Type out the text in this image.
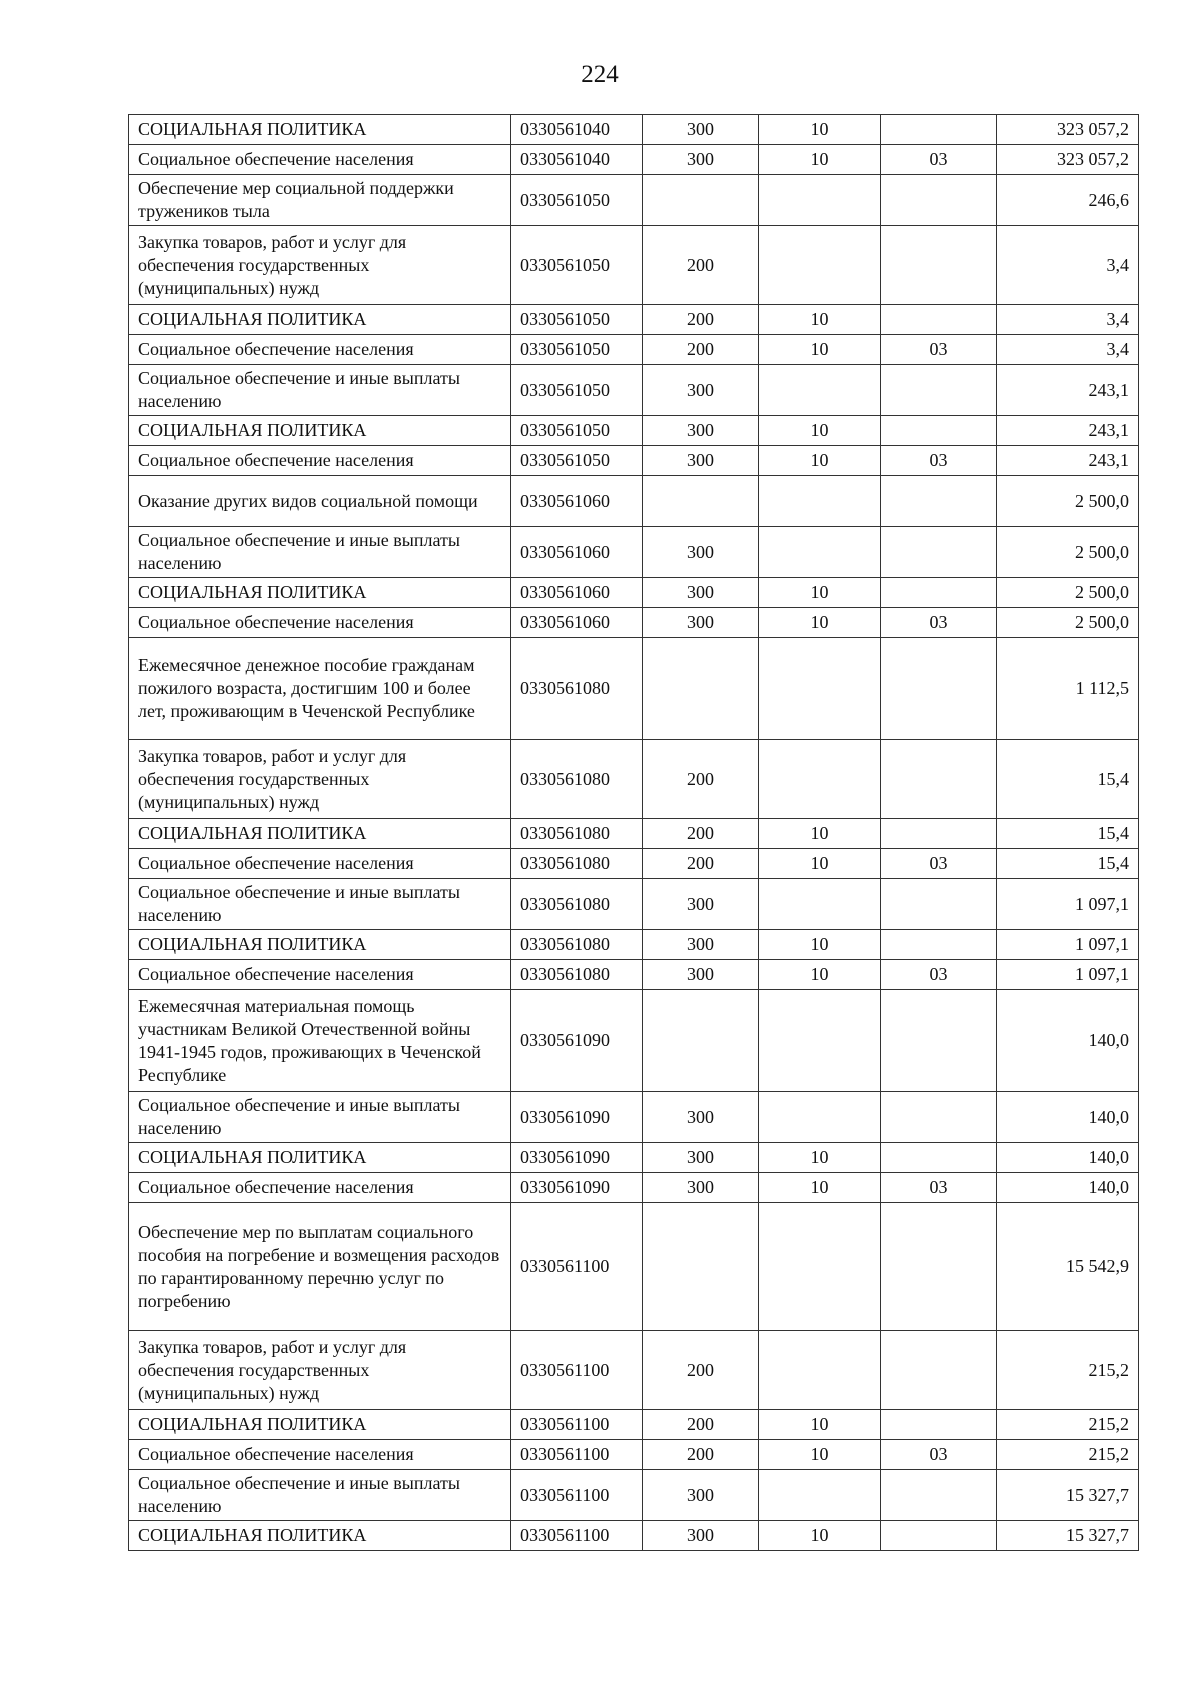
224
СОЦИАЛЬНАЯ ПОЛИТИКА	0330561040	300	10		323 057,2
Социальное обеспечение населения	0330561040	300	10	03	323 057,2
Обеспечение мер социальной поддержки тружеников тыла	0330561050				246,6
Закупка товаров, работ и услуг для обеспечения государственных (муниципальных) нужд	0330561050	200			3,4
СОЦИАЛЬНАЯ ПОЛИТИКА	0330561050	200	10		3,4
Социальное обеспечение населения	0330561050	200	10	03	3,4
Социальное обеспечение и иные выплаты населению	0330561050	300			243,1
СОЦИАЛЬНАЯ ПОЛИТИКА	0330561050	300	10		243,1
Социальное обеспечение населения	0330561050	300	10	03	243,1
Оказание других видов социальной помощи	0330561060				2 500,0
Социальное обеспечение и иные выплаты населению	0330561060	300			2 500,0
СОЦИАЛЬНАЯ ПОЛИТИКА	0330561060	300	10		2 500,0
Социальное обеспечение населения	0330561060	300	10	03	2 500,0
Ежемесячное денежное пособие гражданам пожилого возраста, достигшим 100 и более лет, проживающим в Чеченской Республике	0330561080				1 112,5
Закупка товаров, работ и услуг для обеспечения государственных (муниципальных) нужд	0330561080	200			15,4
СОЦИАЛЬНАЯ ПОЛИТИКА	0330561080	200	10		15,4
Социальное обеспечение населения	0330561080	200	10	03	15,4
Социальное обеспечение и иные выплаты населению	0330561080	300			1 097,1
СОЦИАЛЬНАЯ ПОЛИТИКА	0330561080	300	10		1 097,1
Социальное обеспечение населения	0330561080	300	10	03	1 097,1
Ежемесячная материальная помощь участникам Великой Отечественной войны 1941-1945 годов, проживающих в Чеченской Республике	0330561090				140,0
Социальное обеспечение и иные выплаты населению	0330561090	300			140,0
СОЦИАЛЬНАЯ ПОЛИТИКА	0330561090	300	10		140,0
Социальное обеспечение населения	0330561090	300	10	03	140,0
Обеспечение мер по выплатам социального пособия на погребение и возмещения расходов по гарантированному перечню услуг по погребению	0330561100				15 542,9
Закупка товаров, работ и услуг для обеспечения государственных (муниципальных) нужд	0330561100	200			215,2
СОЦИАЛЬНАЯ ПОЛИТИКА	0330561100	200	10		215,2
Социальное обеспечение населения	0330561100	200	10	03	215,2
Социальное обеспечение и иные выплаты населению	0330561100	300			15 327,7
СОЦИАЛЬНАЯ ПОЛИТИКА	0330561100	300	10		15 327,7
